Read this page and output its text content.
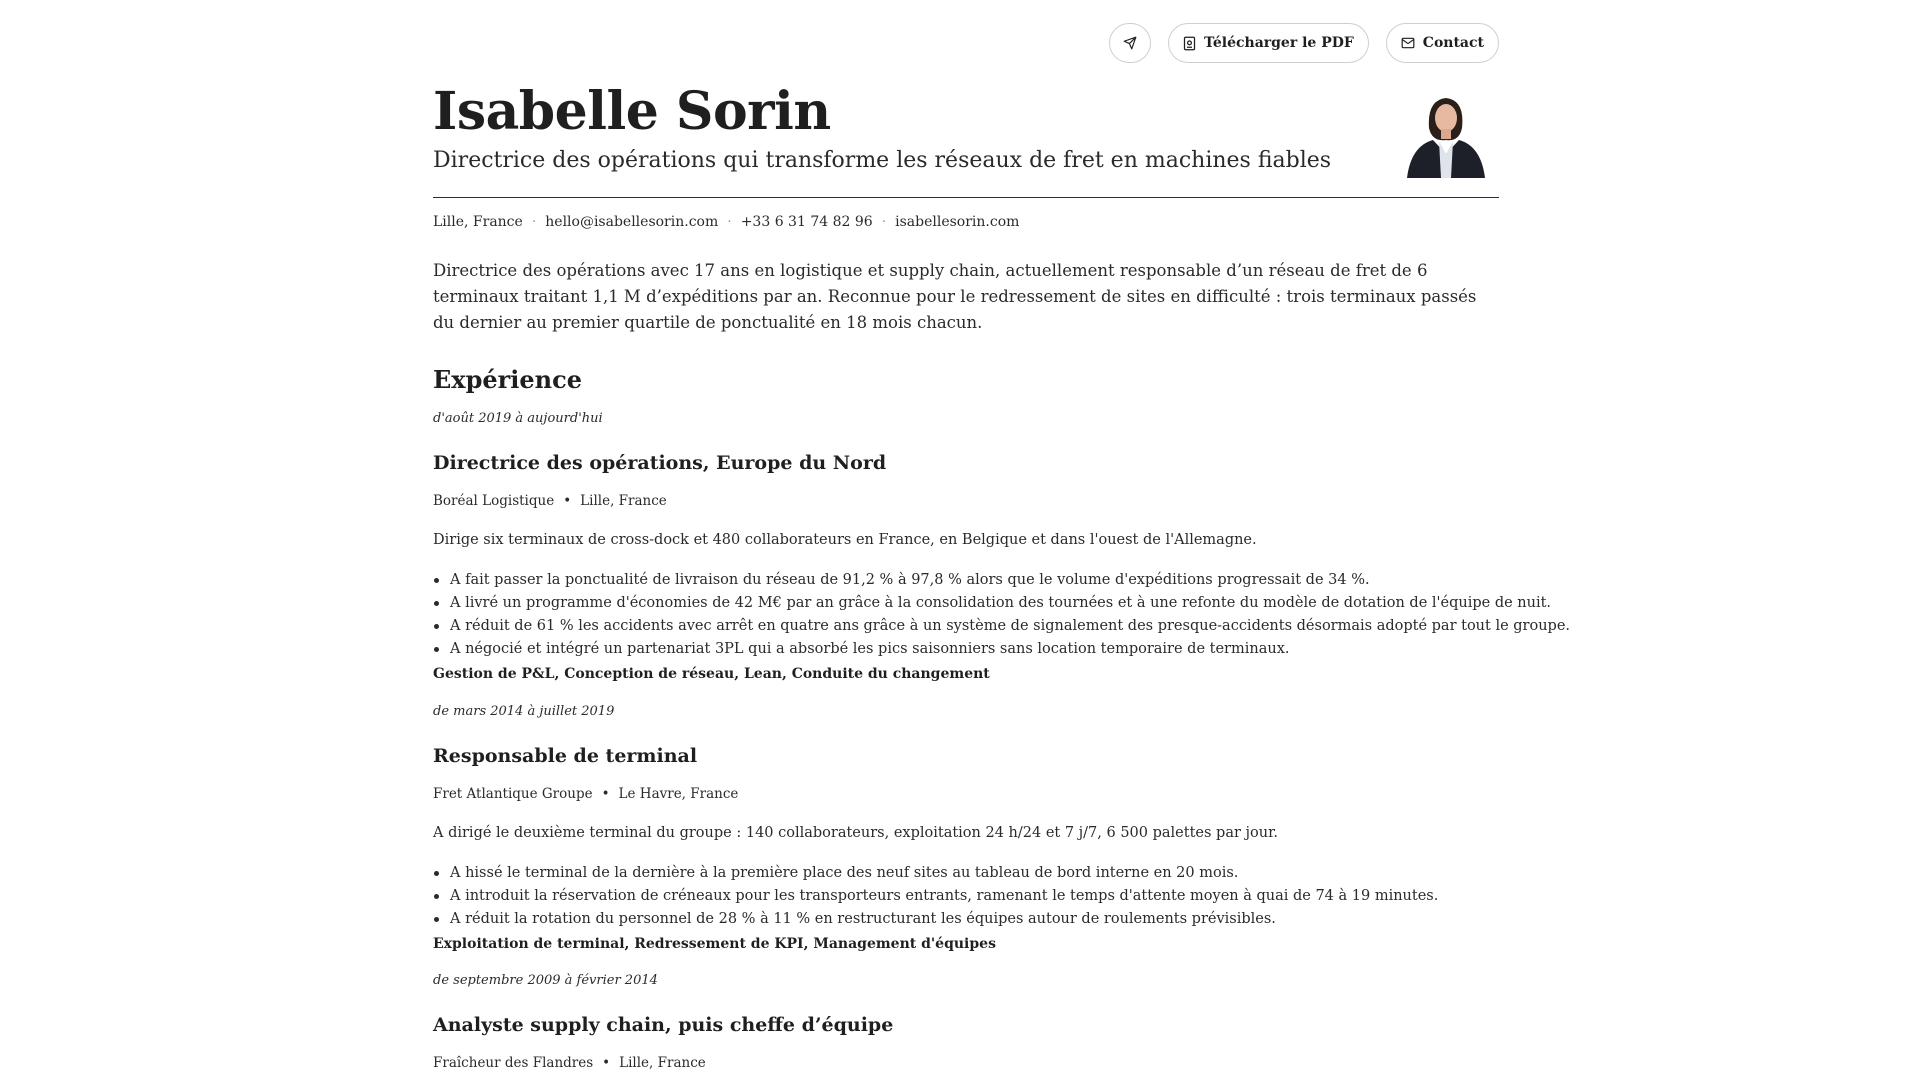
Télécharger le PDF	Contact
Isabelle Sorin
Directrice des opérations qui transforme les réseaux de fret en machines fiables
Lille, France · hello@isabellesorin.com · +33 6 31 74 82 96 · isabellesorin.com

Directrice des opérations avec 17 ans en logistique et supply chain, actuellement responsable d’un réseau de fret de 6 terminaux traitant 1,1 M d’expéditions par an. Reconnue pour le redressement de sites en difficulté : trois terminaux passés du dernier au premier quartile de ponctualité en 18 mois chacun.

Expérience
d'août 2019 à aujourd'hui
Directrice des opérations, Europe du Nord
Boréal Logistique • Lille, France
Dirige six terminaux de cross-dock et 480 collaborateurs en France, en Belgique et dans l'ouest de l'Allemagne.
A fait passer la ponctualité de livraison du réseau de 91,2 % à 97,8 % alors que le volume d'expéditions progressait de 34 %.
A livré un programme d'économies de 42 M€ par an grâce à la consolidation des tournées et à une refonte du modèle de dotation de l'équipe de nuit.
A réduit de 61 % les accidents avec arrêt en quatre ans grâce à un système de signalement des presque-accidents désormais adopté par tout le groupe.
A négocié et intégré un partenariat 3PL qui a absorbé les pics saisonniers sans location temporaire de terminaux.
Gestion de P&L, Conception de réseau, Lean, Conduite du changement
de mars 2014 à juillet 2019
Responsable de terminal
Fret Atlantique Groupe • Le Havre, France
A dirigé le deuxième terminal du groupe : 140 collaborateurs, exploitation 24 h/24 et 7 j/7, 6 500 palettes par jour.
A hissé le terminal de la dernière à la première place des neuf sites au tableau de bord interne en 20 mois.
A introduit la réservation de créneaux pour les transporteurs entrants, ramenant le temps d'attente moyen à quai de 74 à 19 minutes.
A réduit la rotation du personnel de 28 % à 11 % en restructurant les équipes autour de roulements prévisibles.
Exploitation de terminal, Redressement de KPI, Management d'équipes
de septembre 2009 à février 2014
Analyste supply chain, puis cheffe d’équipe
Fraîcheur des Flandres • Lille, France
